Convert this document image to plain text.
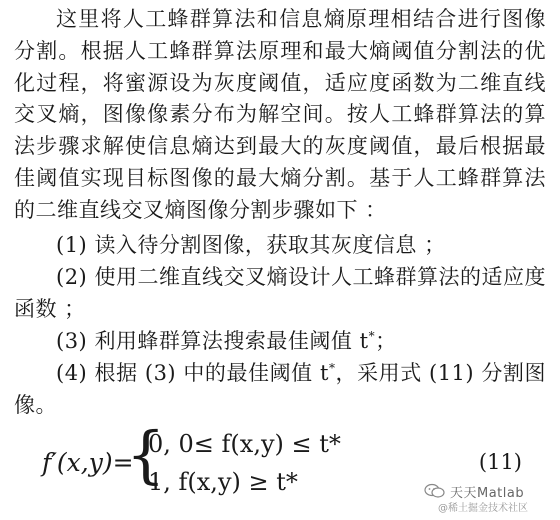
这里将人工蜂群算法和信息熵原理相结合进行图像分割。根据人工蜂群算法原理和最大熵阈值分割法的优化过程，将蜜源设为灰度阈值，适应度函数为二维直线交叉熵，图像像素分布为解空间。按人工蜂群算法的算法步骤求解使信息熵达到最大的灰度阈值，最后根据最佳阈值实现目标图像的最大熵分割。基于人工蜂群算法的二维直线交叉熵图像分割步骤如下 ：

(1) 读入待分割图像，获取其灰度信息 ；

(2) 使用二维直线交叉熵设计人工蜂群算法的适应度函数 ；

(3) 利用蜂群算法搜索最佳阈值 t*；

(4) 根据 (3) 中的最佳阈值 t*，采用式 (11) 分割图像。

f′(x,y)=
{
0, 0≤ f(x,y) ≤ t*
1, f(x,y) ≥ t*
(11)
天天Matlab
@稀土掘金技术社区
